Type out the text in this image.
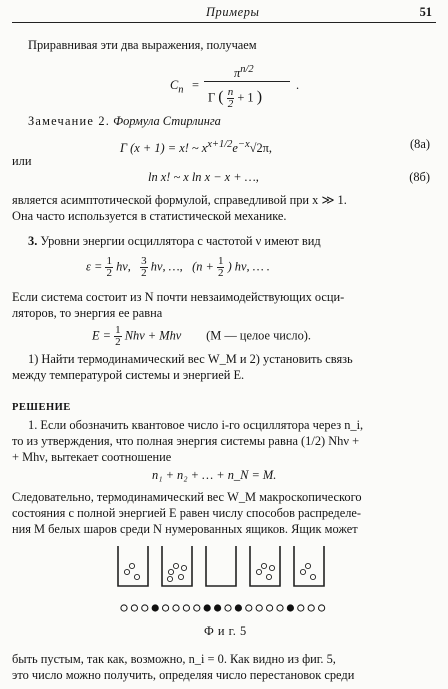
Примеры	51
Приравнивая эти два выражения, получаем
$C_n$ =
$\pi^{n/2}$
Γ ( $\frac{n}{2} + 1$ )
.
Замечание 2. Формула Стирлинга
Γ (x + 1) = x! ~ $x^{x+1/2}e^{-x}√2\pi$,	(8а)
или
ln x! ~ x ln x − x + …,	(8б)
является асимптотической формулой, справедливой при x ≫ 1.
Она часто используется в статистической механике.
3. Уровни энергии осциллятора с частотой ν имеют вид
$\varepsilon = \frac{1}{2} h\nu$, $\frac{3}{2} h\nu$, …, ($n + \frac{1}{2}$ ) hν, … .
Если система состоит из N почти невзаимодействующих осци-
ляторов, то энергия ее равна
$E = \frac{1}{2}$ Nhν + Mhν (M — целое число).
1) Найти термодинамический вес W_M и 2) установить связь
между температурой системы и энергией E.
РЕШЕНИЕ
1. Если обозначить квантовое число i-го осциллятора через n_i,
то из утверждения, что полная энергия системы равна (1/2) Nhν +
+ Mhν, вытекает соотношение
n₁ + n₂ + … + n_N = M.
Следовательно, термодинамический вес W_M макроскопического
состояния с полной энергией E равен числу способов распределе-
ния M белых шаров среди N нумерованных ящиков. Ящик может
Ф и г. 5
быть пустым, так как, возможно, n_i = 0. Как видно из фиг. 5,
это число можно получить, определяя число перестановок среди
